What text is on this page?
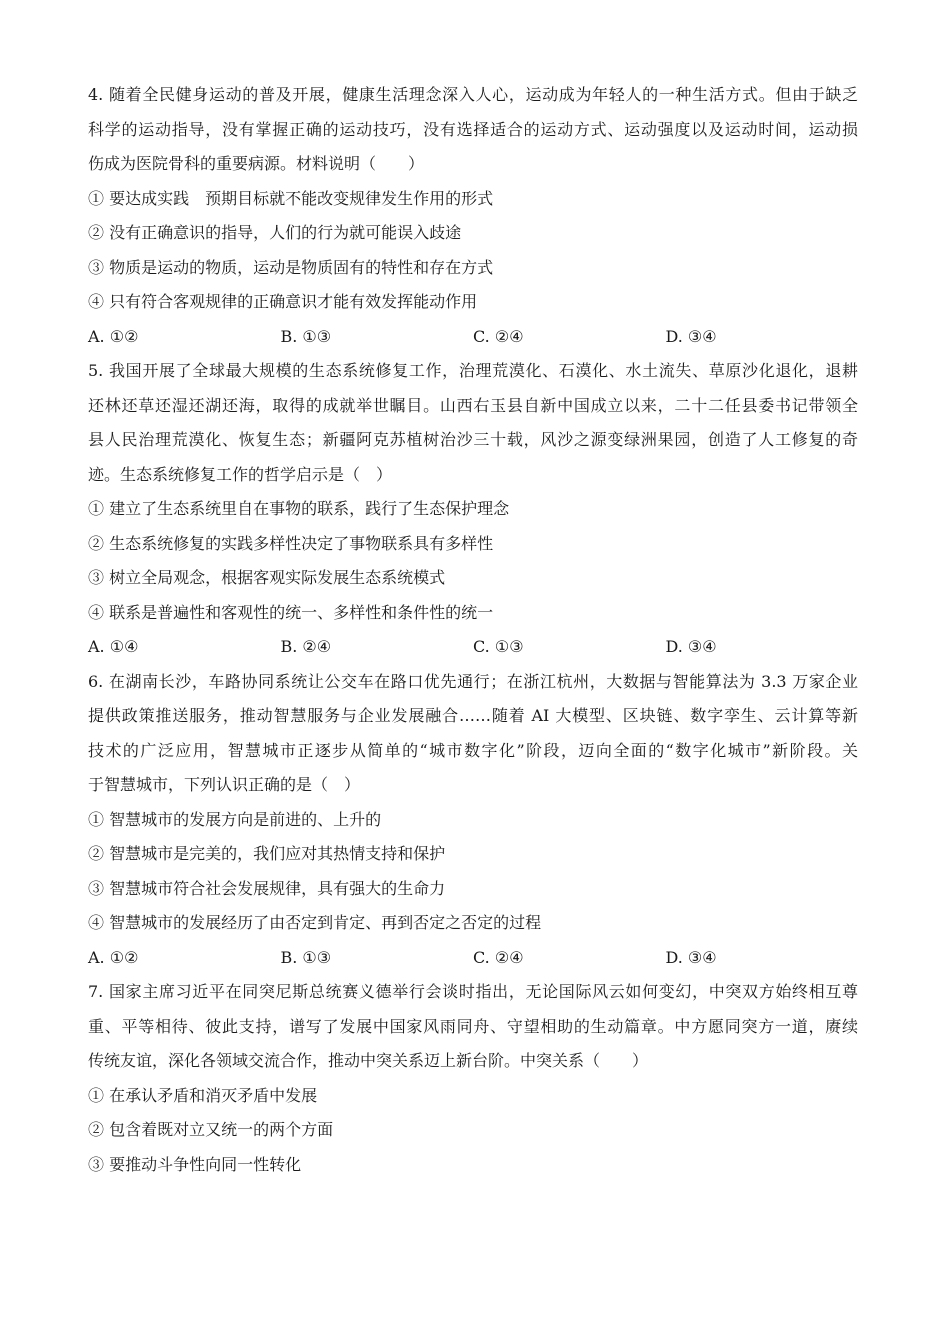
4. 随着全民健身运动的普及开展，健康生活理念深入人心，运动成为年轻人的一种生活方式。但由于缺乏
科学的运动指导，没有掌握正确的运动技巧，没有选择适合的运动方式、运动强度以及运动时间，运动损
伤成为医院骨科的重要病源。材料说明（　　）
① 要达成实践　预期目标就不能改变规律发生作用的形式
② 没有正确意识的指导，人们的行为就可能误入歧途
③ 物质是运动的物质，运动是物质固有的特性和存在方式
④ 只有符合客观规律的正确意识才能有效发挥能动作用
A. ①②	B. ①③	C. ②④	D. ③④
5. 我国开展了全球最大规模的生态系统修复工作，治理荒漠化、石漠化、水土流失、草原沙化退化，退耕
还林还草还湿还湖还海，取得的成就举世瞩目。山西右玉县自新中国成立以来，二十二任县委书记带领全
县人民治理荒漠化、恢复生态；新疆阿克苏植树治沙三十载，风沙之源变绿洲果园，创造了人工修复的奇
迹。生态系统修复工作的哲学启示是（　）
① 建立了生态系统里自在事物的联系，践行了生态保护理念
② 生态系统修复的实践多样性决定了事物联系具有多样性
③ 树立全局观念，根据客观实际发展生态系统模式
④ 联系是普遍性和客观性的统一、多样性和条件性的统一
A. ①④	B. ②④	C. ①③	D. ③④
6. 在湖南长沙，车路协同系统让公交车在路口优先通行；在浙江杭州，大数据与智能算法为 3.3 万家企业
提供政策推送服务，推动智慧服务与企业发展融合……随着 AI 大模型、区块链、数字孪生、云计算等新
技术的广泛应用，智慧城市正逐步从简单的“城市数字化”阶段，迈向全面的“数字化城市”新阶段。关
于智慧城市，下列认识正确的是（　）
① 智慧城市的发展方向是前进的、上升的
② 智慧城市是完美的，我们应对其热情支持和保护
③ 智慧城市符合社会发展规律，具有强大的生命力
④ 智慧城市的发展经历了由否定到肯定、再到否定之否定的过程
A. ①②	B. ①③	C. ②④	D. ③④
7. 国家主席习近平在同突尼斯总统赛义德举行会谈时指出，无论国际风云如何变幻，中突双方始终相互尊
重、平等相待、彼此支持，谱写了发展中国家风雨同舟、守望相助的生动篇章。中方愿同突方一道，赓续
传统友谊，深化各领域交流合作，推动中突关系迈上新台阶。中突关系（　　）
① 在承认矛盾和消灭矛盾中发展
② 包含着既对立又统一的两个方面
③ 要推动斗争性向同一性转化
